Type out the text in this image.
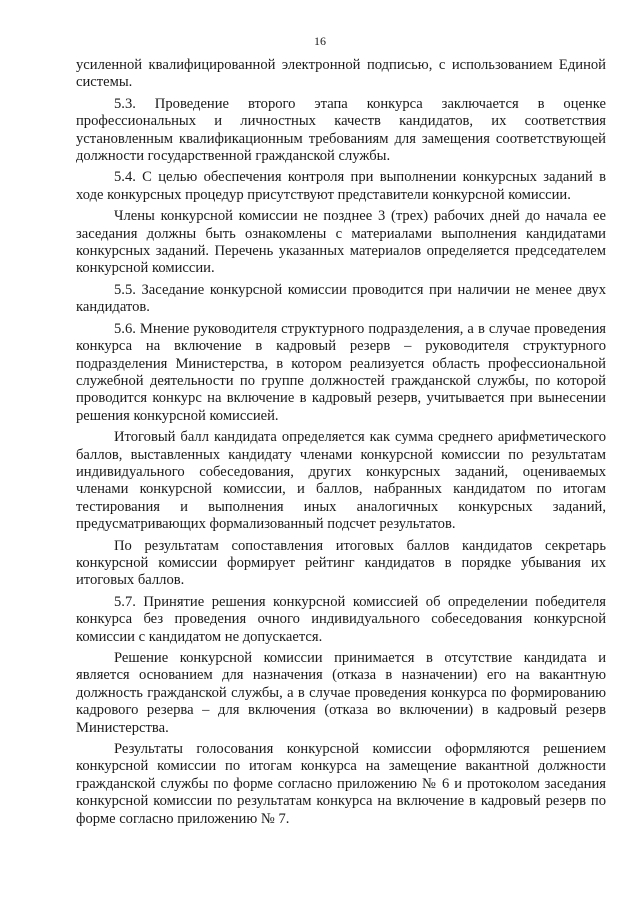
16

усиленной квалифицированной электронной подписью, с использованием Единой системы.

5.3. Проведение второго этапа конкурса заключается в оценке профессиональных и личностных качеств кандидатов, их соответствия установленным квалификационным требованиям для замещения соответствующей должности государственной гражданской службы.

5.4. С целью обеспечения контроля при выполнении конкурсных заданий в ходе конкурсных процедур присутствуют представители конкурсной комиссии.

Члены конкурсной комиссии не позднее 3 (трех) рабочих дней до начала ее заседания должны быть ознакомлены с материалами выполнения кандидатами конкурсных заданий. Перечень указанных материалов определяется председателем конкурсной комиссии.

5.5. Заседание конкурсной комиссии проводится при наличии не менее двух кандидатов.

5.6. Мнение руководителя структурного подразделения, а в случае проведения конкурса на включение в кадровый резерв – руководителя структурного подразделения Министерства, в котором реализуется область профессиональной служебной деятельности по группе должностей гражданской службы, по которой проводится конкурс на включение в кадровый резерв, учитывается при вынесении решения конкурсной комиссией.

Итоговый балл кандидата определяется как сумма среднего арифметического баллов, выставленных кандидату членами конкурсной комиссии по результатам индивидуального собеседования, других конкурсных заданий, оцениваемых членами конкурсной комиссии, и баллов, набранных кандидатом по итогам тестирования и выполнения иных аналогичных конкурсных заданий, предусматривающих формализованный подсчет результатов.

По результатам сопоставления итоговых баллов кандидатов секретарь конкурсной комиссии формирует рейтинг кандидатов в порядке убывания их итоговых баллов.

5.7. Принятие решения конкурсной комиссией об определении победителя конкурса без проведения очного индивидуального собеседования конкурсной комиссии с кандидатом не допускается.

Решение конкурсной комиссии принимается в отсутствие кандидата и является основанием для назначения (отказа в назначении) его на вакантную должность гражданской службы, а в случае проведения конкурса по формированию кадрового резерва – для включения (отказа во включении) в кадровый резерв Министерства.

Результаты голосования конкурсной комиссии оформляются решением конкурсной комиссии по итогам конкурса на замещение вакантной должности гражданской службы по форме согласно приложению № 6 и протоколом заседания конкурсной комиссии по результатам конкурса на включение в кадровый резерв по форме согласно приложению № 7.
